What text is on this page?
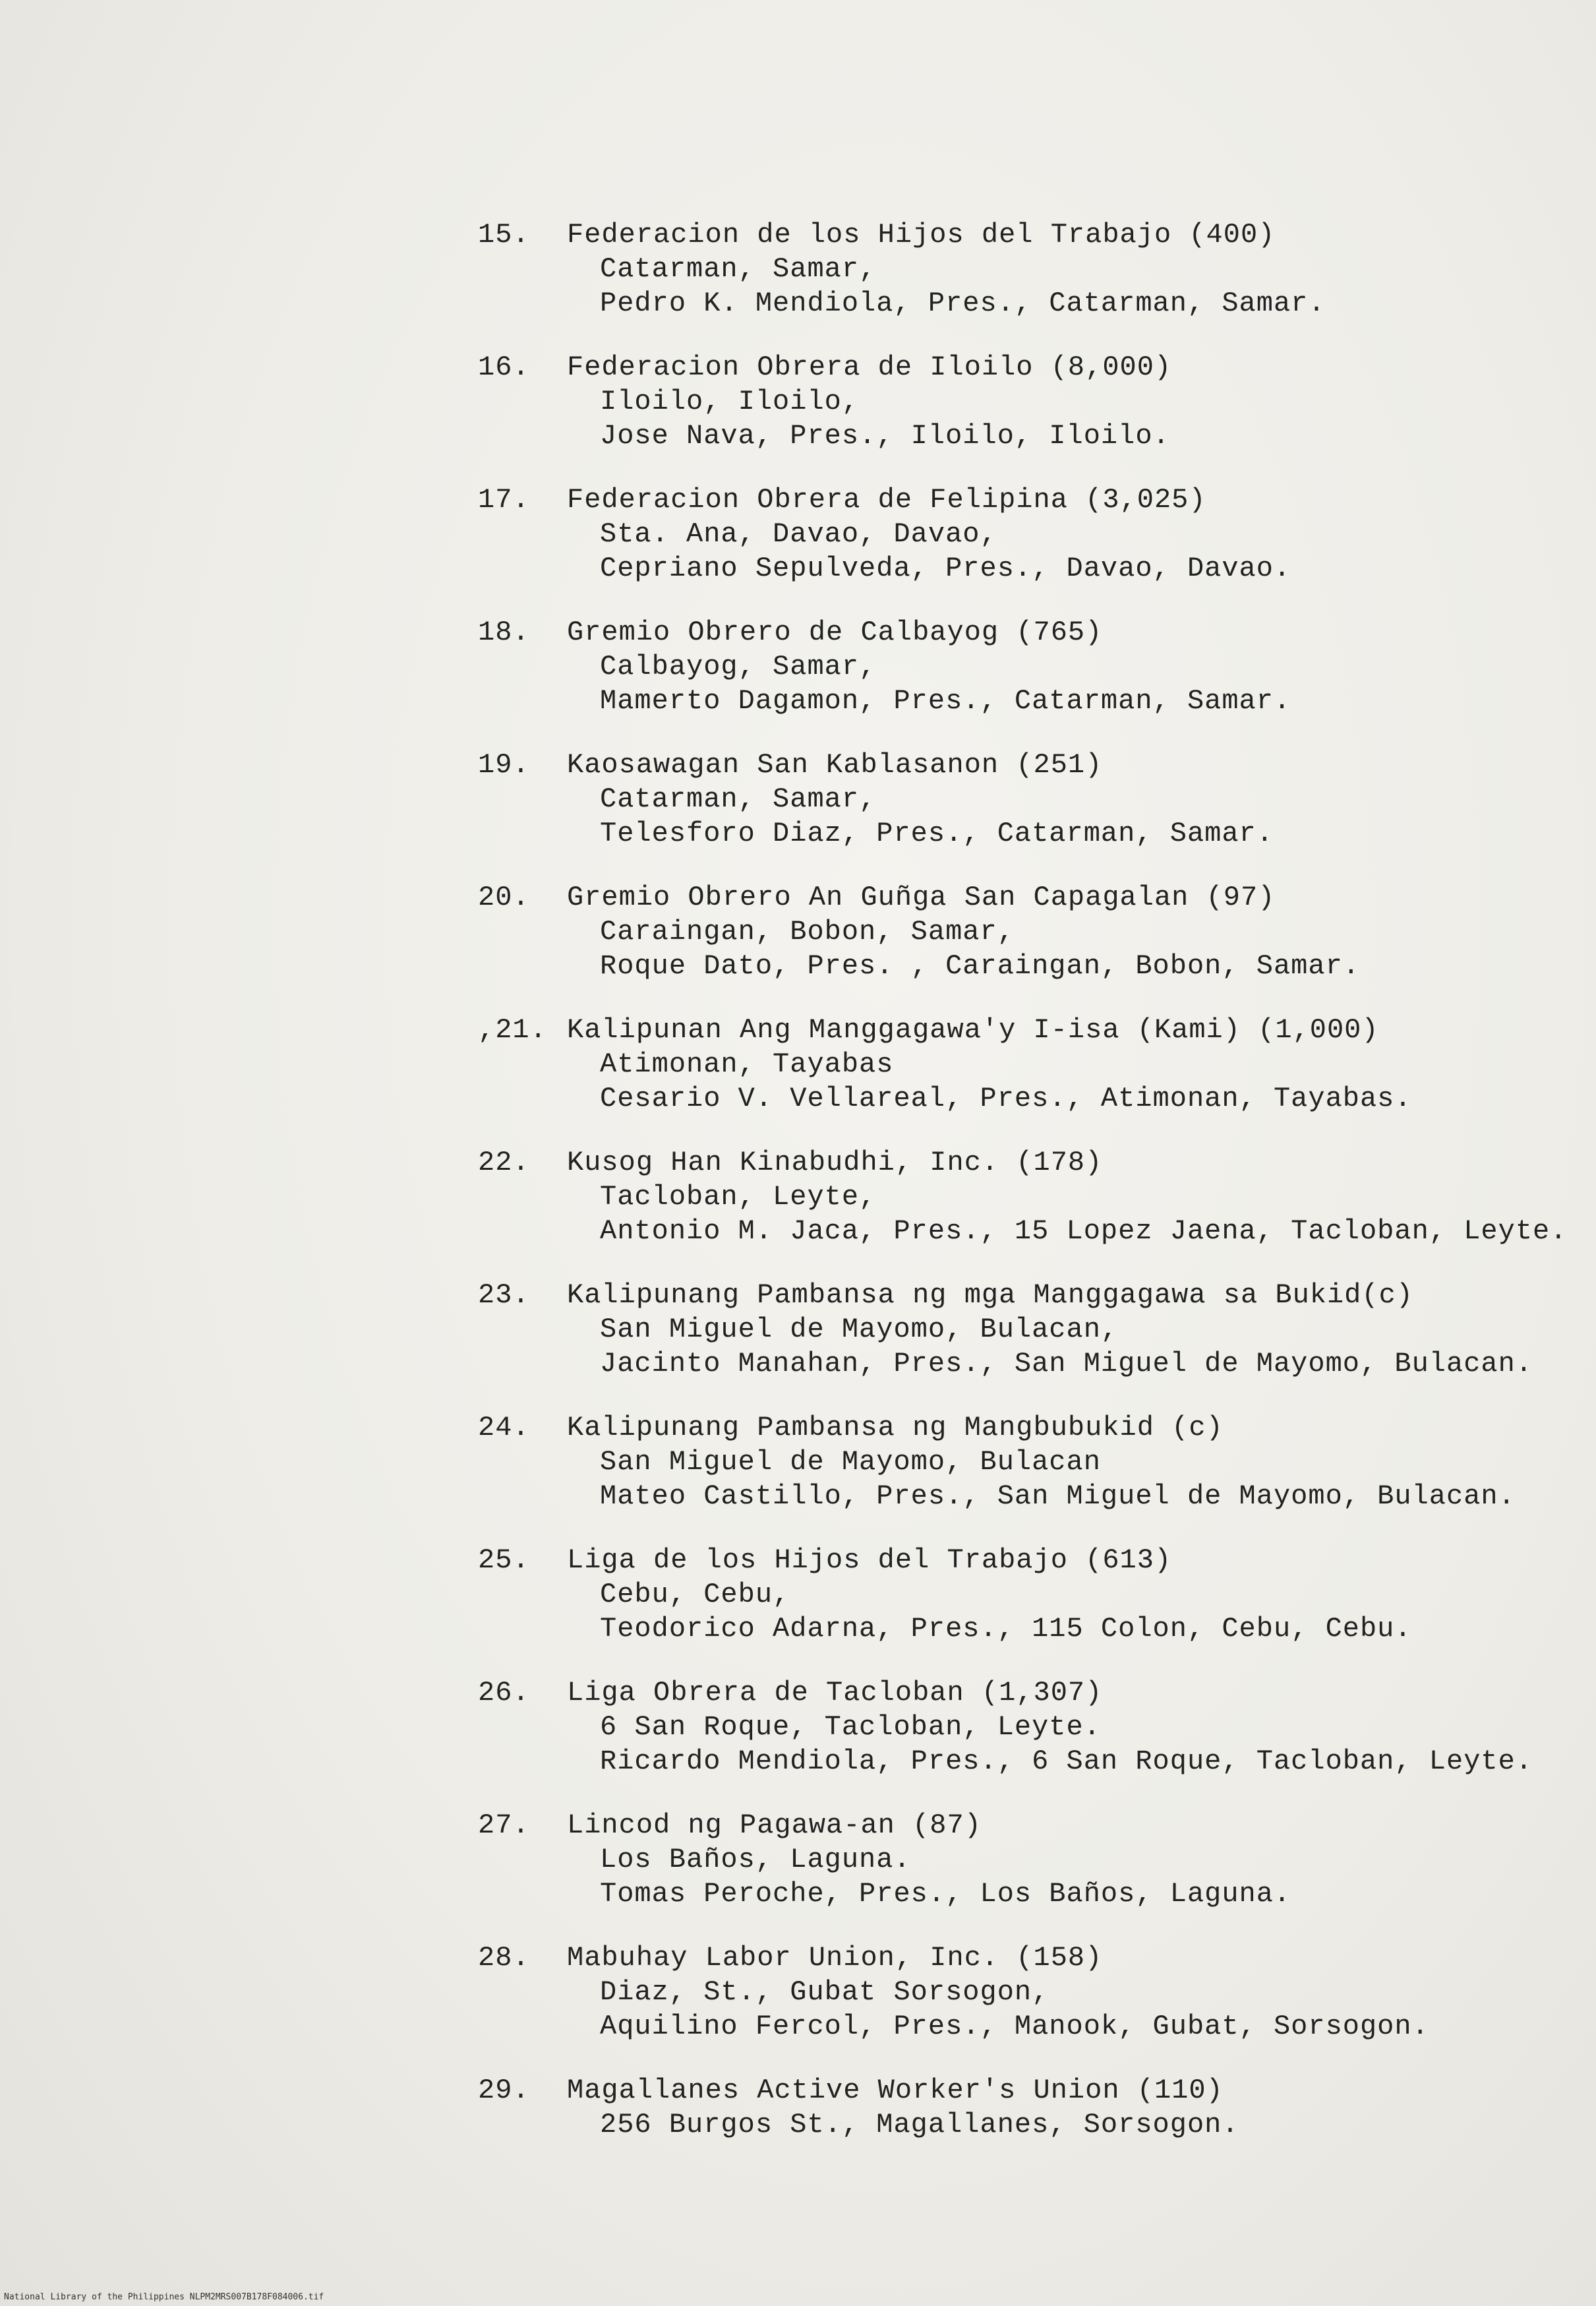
15.	Federacion de los Hijos del Trabajo (400)
Catarman, Samar,
Pedro K. Mendiola, Pres., Catarman, Samar.
16.	Federacion Obrera de Iloilo (8,000)
Iloilo, Iloilo,
Jose Nava, Pres., Iloilo, Iloilo.
17.	Federacion Obrera de Felipina (3,025)
Sta. Ana, Davao, Davao,
Cepriano Sepulveda, Pres., Davao, Davao.
18.	Gremio Obrero de Calbayog (765)
Calbayog, Samar,
Mamerto Dagamon, Pres., Catarman, Samar.
19.	Kaosawagan San Kablasanon (251)
Catarman, Samar,
Telesforo Diaz, Pres., Catarman, Samar.
20.	Gremio Obrero An Guñga San Capagalan (97)
Caraingan, Bobon, Samar,
Roque Dato, Pres. , Caraingan, Bobon, Samar.
,21. Kalipunan Ang Manggagawa'y I-isa (Kami) (1,000)
Atimonan, Tayabas
Cesario V. Vellareal, Pres., Atimonan, Tayabas.
22.	Kusog Han Kinabudhi, Inc. (178)
Tacloban, Leyte,
Antonio M. Jaca, Pres., 15 Lopez Jaena, Tacloban, Leyte.
23.	Kalipunang Pambansa ng mga Manggagawa sa Bukid(c)
San Miguel de Mayomo, Bulacan,
Jacinto Manahan, Pres., San Miguel de Mayomo, Bulacan.
24.	Kalipunang Pambansa ng Mangbubukid (c)
San Miguel de Mayomo, Bulacan
Mateo Castillo, Pres., San Miguel de Mayomo, Bulacan.
25.	Liga de los Hijos del Trabajo (613)
Cebu, Cebu,
Teodorico Adarna, Pres., 115 Colon, Cebu, Cebu.
26.	Liga Obrera de Tacloban (1,307)
6 San Roque, Tacloban, Leyte.
Ricardo Mendiola, Pres., 6 San Roque, Tacloban, Leyte.
27.	Lincod ng Pagawa-an (87)
Los Baños, Laguna.
Tomas Peroche, Pres., Los Baños, Laguna.
28.	Mabuhay Labor Union, Inc. (158)
Diaz, St., Gubat Sorsogon,
Aquilino Fercol, Pres., Manook, Gubat, Sorsogon.
29.	Magallanes Active Worker's Union (110)
256 Burgos St., Magallanes, Sorsogon.
National Library of the Philippines NLPM2MRS007B178F084006.tif
